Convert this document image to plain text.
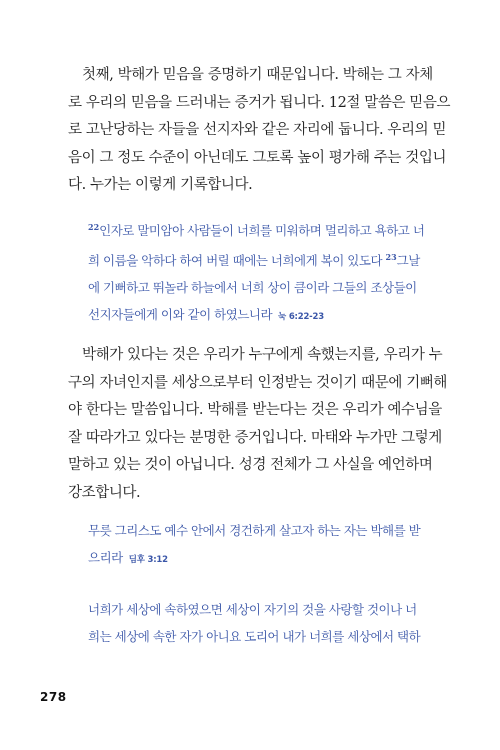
첫째, 박해가 믿음을 증명하기 때문입니다. 박해는 그 자체
로 우리의 믿음을 드러내는 증거가 됩니다. 12절 말씀은 믿음으
로 고난당하는 자들을 선지자와 같은 자리에 둡니다. 우리의 믿
음이 그 정도 수준이 아닌데도 그토록 높이 평가해 주는 것입니
다. 누가는 이렇게 기록합니다.

$^{22}$인자로 말미암아 사람들이 너희를 미워하며 멀리하고 욕하고 너
희 이름을 악하다 하여 버릴 때에는 너희에게 복이 있도다 $^{23}$그날
에 기뻐하고 뛰놀라 하늘에서 너희 상이 큼이라 그들의 조상들이
선지자들에게 이와 같이 하였느니라 눅 6:22-23

박해가 있다는 것은 우리가 누구에게 속했는지를, 우리가 누
구의 자녀인지를 세상으로부터 인정받는 것이기 때문에 기뻐해
야 한다는 말씀입니다. 박해를 받는다는 것은 우리가 예수님을
잘 따라가고 있다는 분명한 증거입니다. 마태와 누가만 그렇게
말하고 있는 것이 아닙니다. 성경 전체가 그 사실을 예언하며
강조합니다.

무릇 그리스도 예수 안에서 경건하게 살고자 하는 자는 박해를 받
으리라 딤후 3:12

너희가 세상에 속하였으면 세상이 자기의 것을 사랑할 것이나 너
희는 세상에 속한 자가 아니요 도리어 내가 너희를 세상에서 택하

278
